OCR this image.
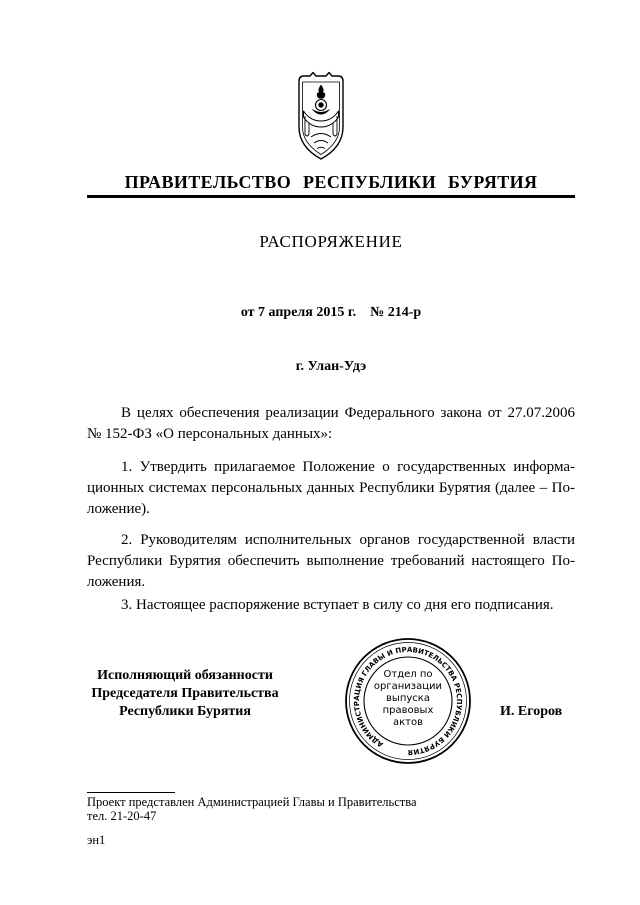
ПРАВИТЕЛЬСТВО РЕСПУБЛИКИ БУРЯТИЯ
РАСПОРЯЖЕНИЕ
от 7 апреля 2015 г. № 214-р
г. Улан-Удэ
В целях обеспечения реализации Федерального закона от 27.07.2006
№ 152-ФЗ «О персональных данных»:
1. Утвердить прилагаемое Положение о государственных информа-
ционных системах персональных данных Республики Бурятия (далее – По-
ложение).
2. Руководителям исполнительных органов государственной власти
Республики Бурятия обеспечить выполнение требований настоящего По-
ложения.
3. Настоящее распоряжение вступает в силу со дня его подписания.
Исполняющий обязанности
Председателя Правительства
Республики Бурятия
АДМИНИСТРАЦИЯ ГЛАВЫ И ПРАВИТЕЛЬСТВА РЕСПУБЛИКИ БУРЯТИЯ
Отдел по
организации
выпуска
правовых
актов
И. Егоров
Проект представлен Администрацией Главы и Правительства
тел. 21-20-47
эн1
